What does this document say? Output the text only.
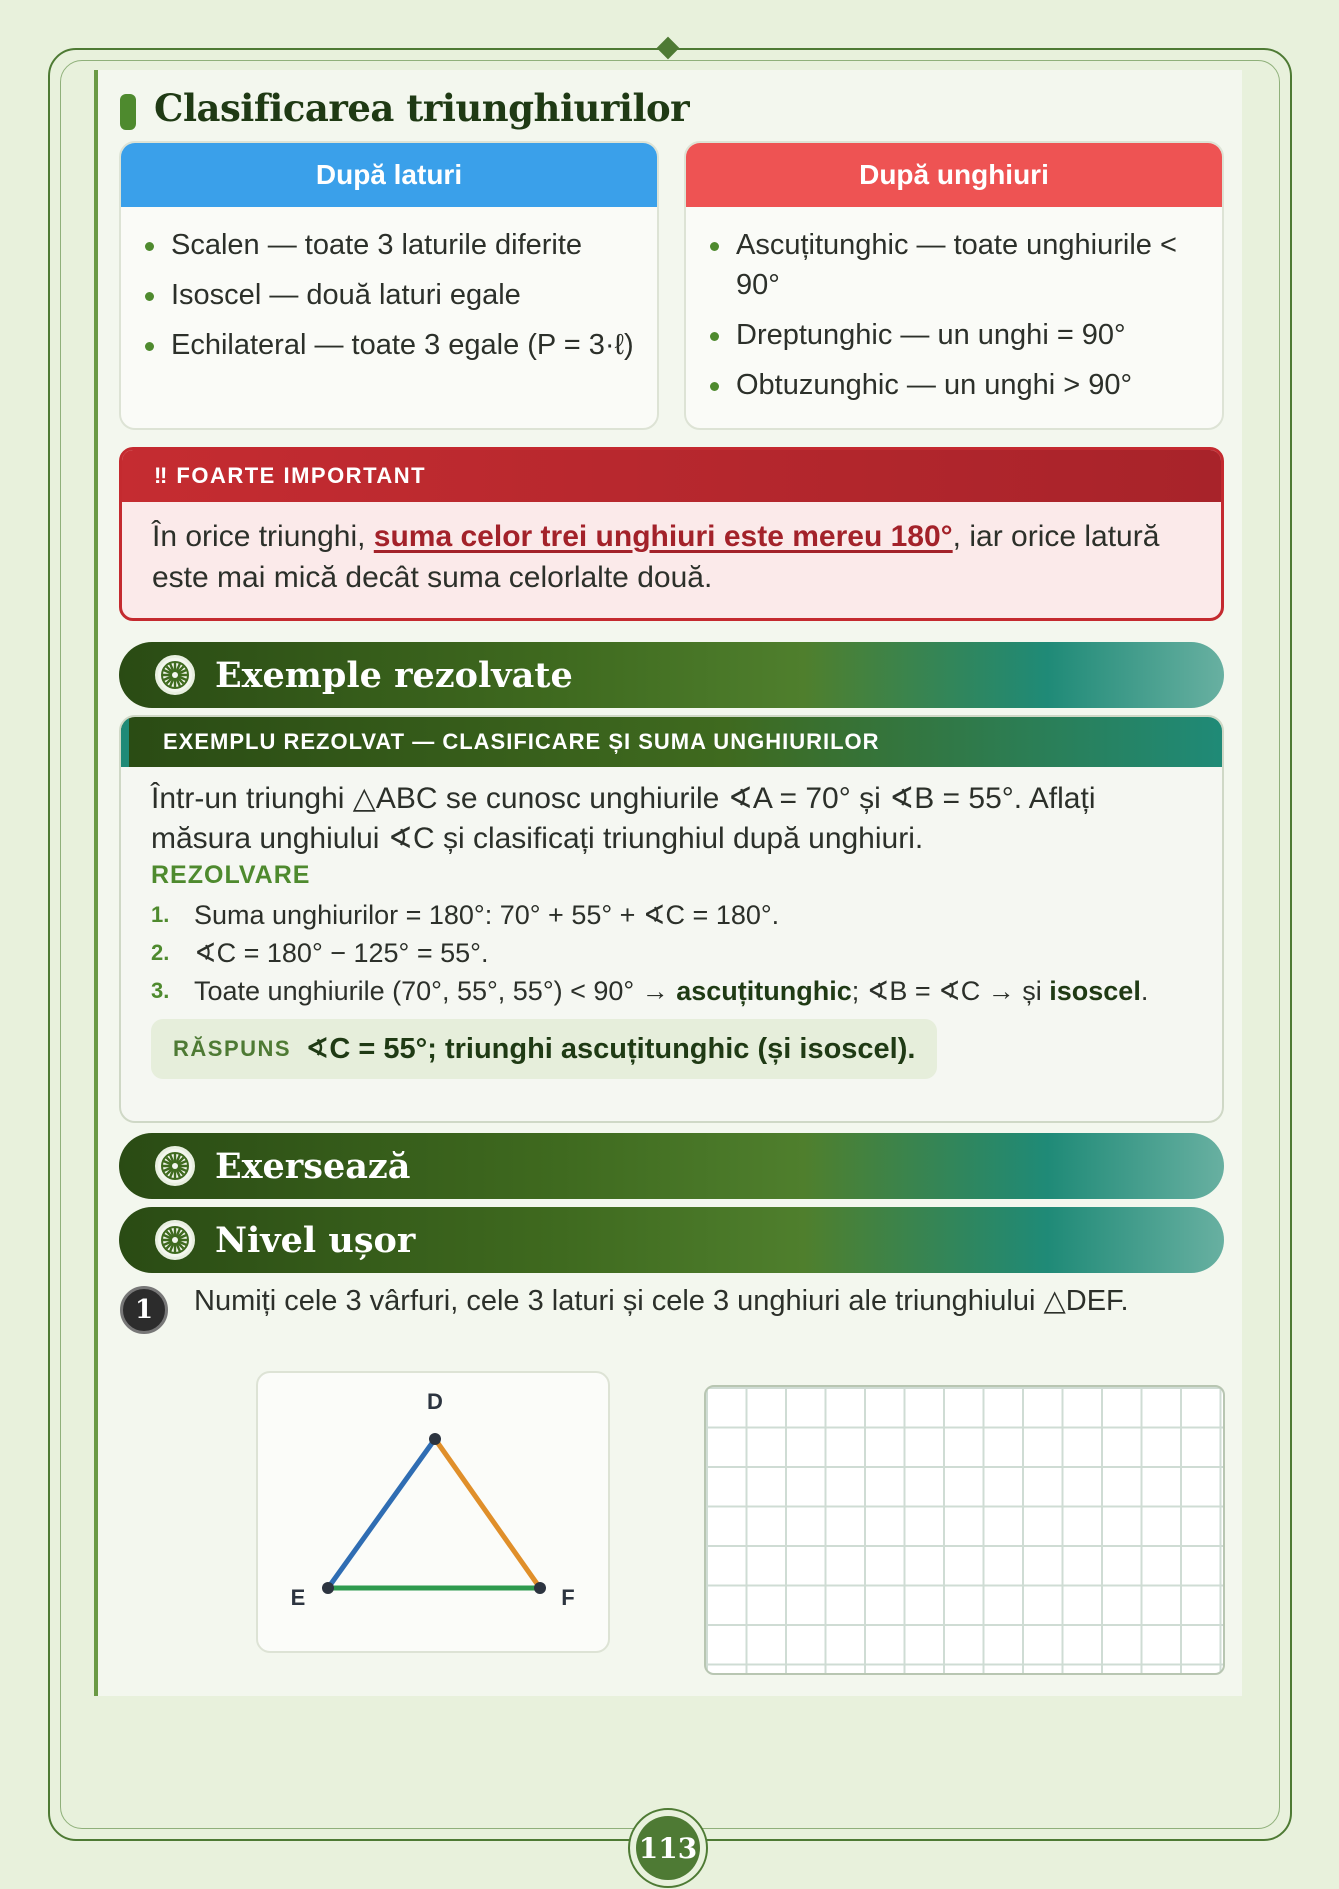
Clasificarea triunghiurilor
După laturi
Scalen — toate 3 laturile diferite
Isoscel — două laturi egale
Echilateral — toate 3 egale (P = 3·ℓ)
După unghiuri
Ascuțitunghic — toate unghiurile < 90°
Dreptunghic — un unghi = 90°
Obtuzunghic — un unghi > 90°
‼ FOARTE IMPORTANT
În orice triunghi, suma celor trei unghiuri este mereu 180°, iar orice latură este mai mică decât suma celorlalte două.
Exemple rezolvate
EXEMPLU REZOLVAT — CLASIFICARE ȘI SUMA UNGHIURILOR
Într-un triunghi △ABC se cunosc unghiurile ∢A = 70° și ∢B = 55°. Aflați măsura unghiului ∢C și clasificați triunghiul după unghiuri.
REZOLVARE
1. Suma unghiurilor = 180°: 70° + 55° + ∢C = 180°.
2. ∢C = 180° − 125° = 55°.
3. Toate unghiurile (70°, 55°, 55°) < 90° → ascuțitunghic; ∢B = ∢C → și isoscel.
RĂSPUNS ∢C = 55°; triunghi ascuțitunghic (și isoscel).
Exersează
Nivel ușor
1	Numiți cele 3 vârfuri, cele 3 laturi și cele 3 unghiuri ale triunghiului △DEF.
D
E	F
113
